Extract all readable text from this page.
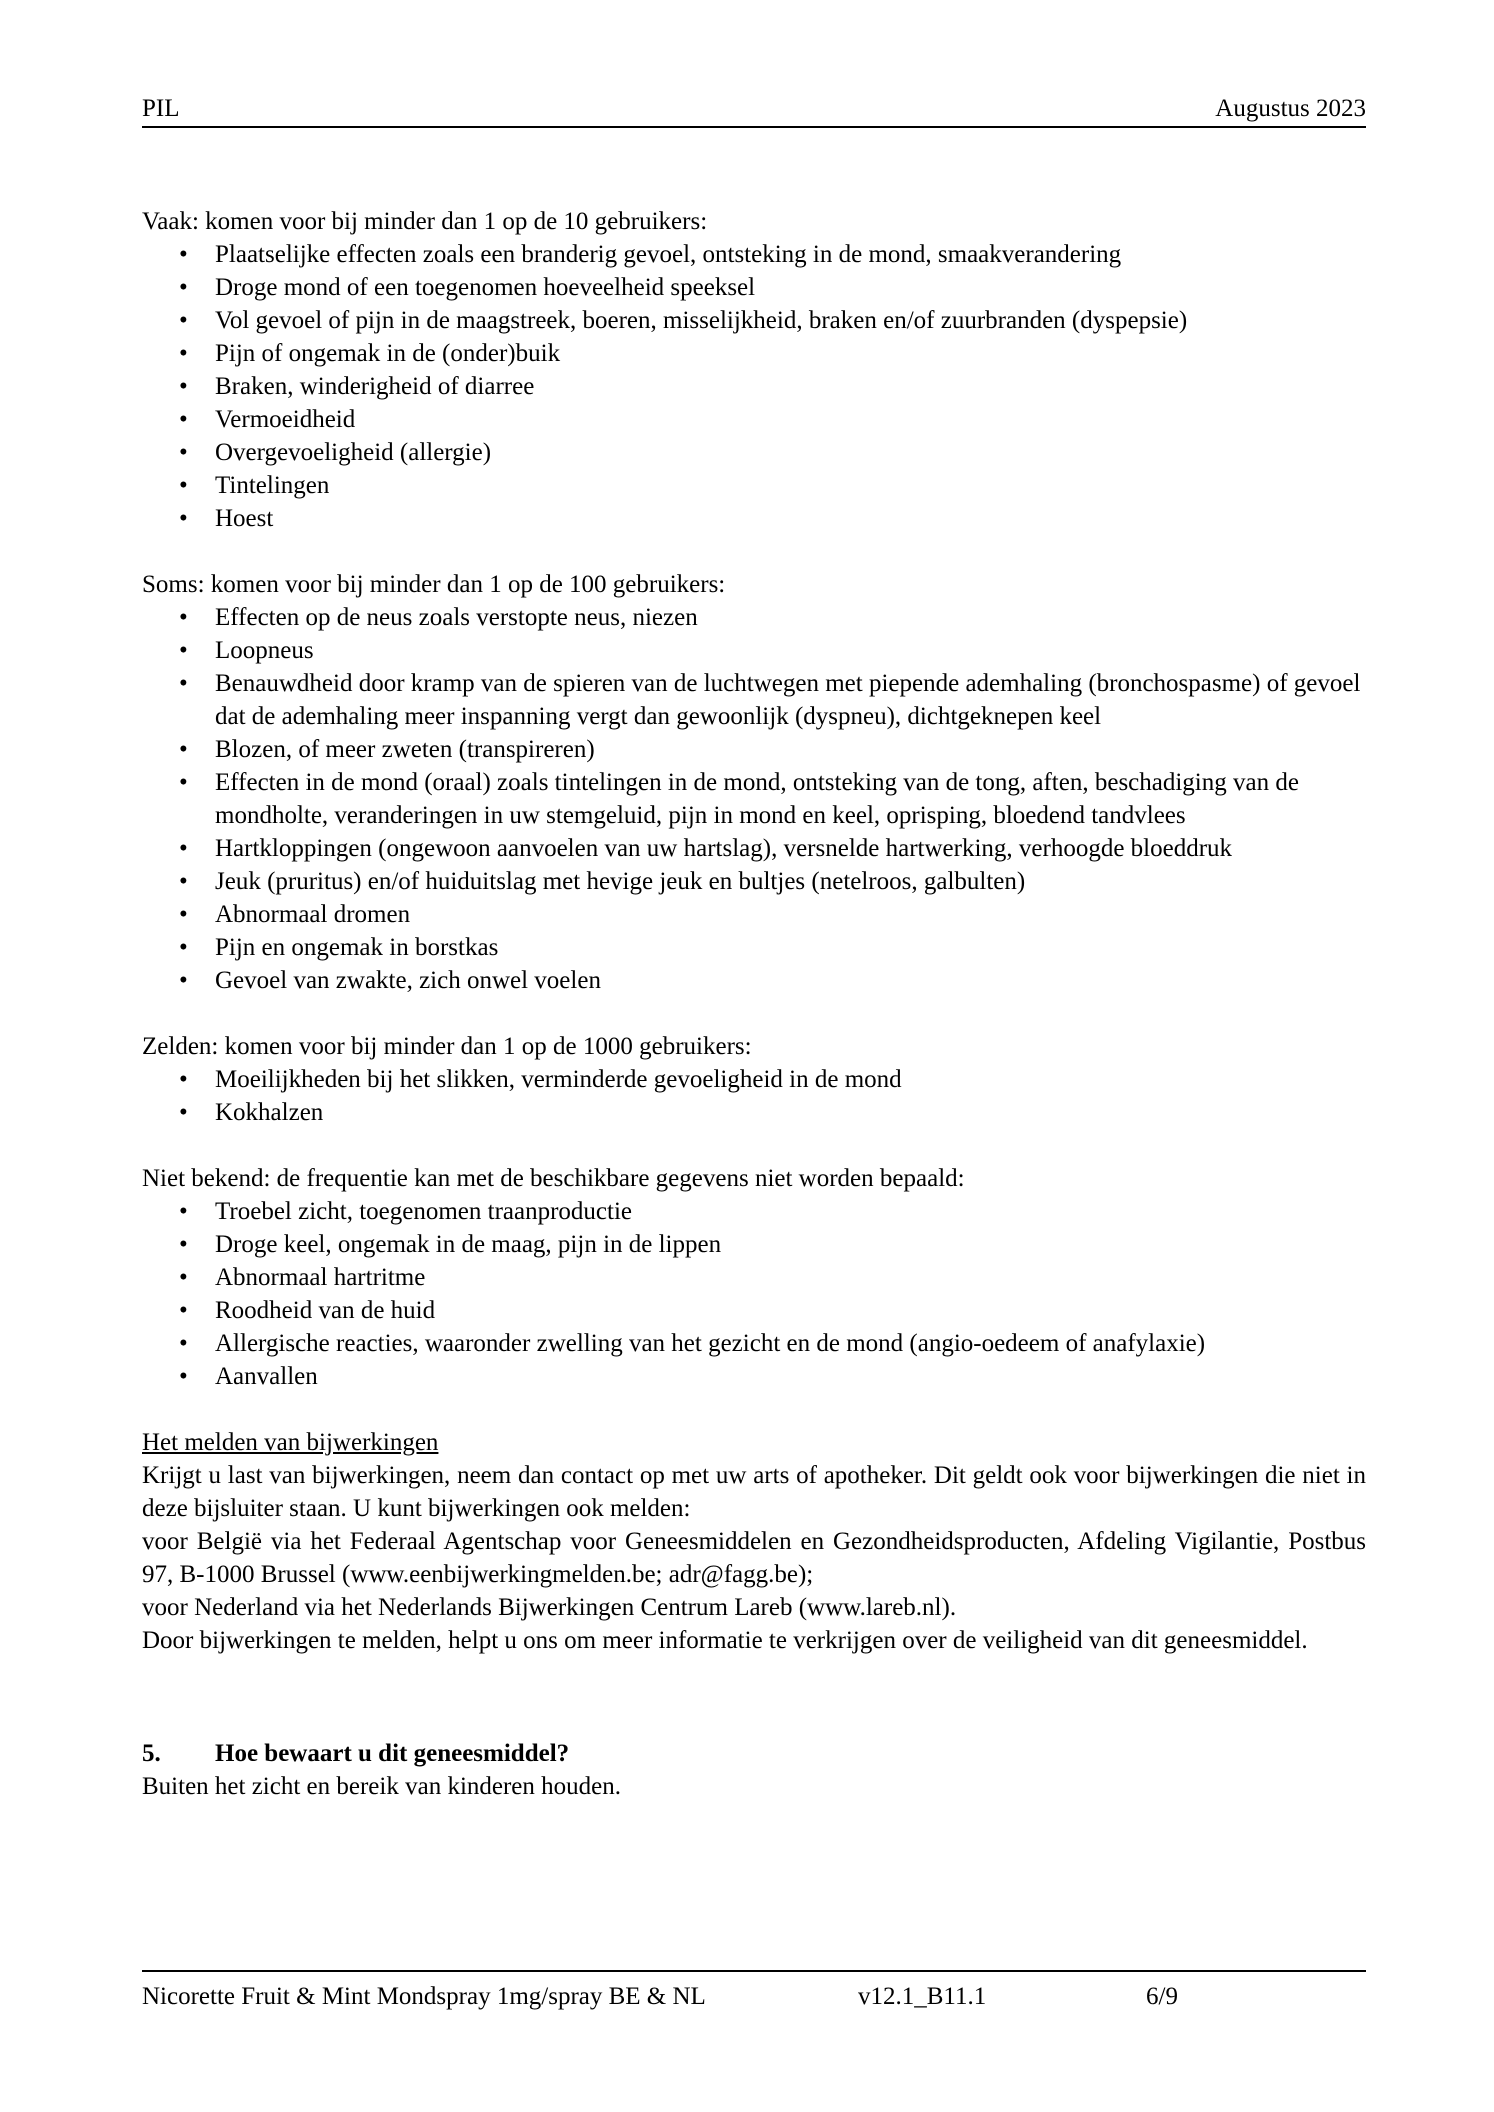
PIL	Augustus 2023

Vaak: komen voor bij minder dan 1 op de 10 gebruikers:

• Plaatselijke effecten zoals een branderig gevoel, ontsteking in de mond, smaakverandering
• Droge mond of een toegenomen hoeveelheid speeksel
• Vol gevoel of pijn in de maagstreek, boeren, misselijkheid, braken en/of zuurbranden (dyspepsie)
• Pijn of ongemak in de (onder)buik
• Braken, winderigheid of diarree
• Vermoeidheid
• Overgevoeligheid (allergie)
• Tintelingen
• Hoest

Soms: komen voor bij minder dan 1 op de 100 gebruikers:

• Effecten op de neus zoals verstopte neus, niezen
• Loopneus
• Benauwdheid door kramp van de spieren van de luchtwegen met piepende ademhaling (bronchospasme) of gevoel dat de ademhaling meer inspanning vergt dan gewoonlijk (dyspneu), dichtgeknepen keel
• Blozen, of meer zweten (transpireren)
• Effecten in de mond (oraal) zoals tintelingen in de mond, ontsteking van de tong, aften, beschadiging van de mondholte, veranderingen in uw stemgeluid, pijn in mond en keel, oprisping, bloedend tandvlees
• Hartkloppingen (ongewoon aanvoelen van uw hartslag), versnelde hartwerking, verhoogde bloeddruk
• Jeuk (pruritus) en/of huiduitslag met hevige jeuk en bultjes (netelroos, galbulten)
• Abnormaal dromen
• Pijn en ongemak in borstkas
• Gevoel van zwakte, zich onwel voelen

Zelden: komen voor bij minder dan 1 op de 1000 gebruikers:

• Moeilijkheden bij het slikken, verminderde gevoeligheid in de mond
• Kokhalzen

Niet bekend: de frequentie kan met de beschikbare gegevens niet worden bepaald:

• Troebel zicht, toegenomen traanproductie
• Droge keel, ongemak in de maag, pijn in de lippen
• Abnormaal hartritme
• Roodheid van de huid
• Allergische reacties, waaronder zwelling van het gezicht en de mond (angio-oedeem of anafylaxie)
• Aanvallen

Het melden van bijwerkingen

Krijgt u last van bijwerkingen, neem dan contact op met uw arts of apotheker. Dit geldt ook voor bijwerkingen die niet in deze bijsluiter staan. U kunt bijwerkingen ook melden:

voor België via het Federaal Agentschap voor Geneesmiddelen en Gezondheidsproducten, Afdeling Vigilantie, Postbus 97, B-1000 Brussel (www.eenbijwerkingmelden.be; adr@fagg.be);

voor Nederland via het Nederlands Bijwerkingen Centrum Lareb (www.lareb.nl).

Door bijwerkingen te melden, helpt u ons om meer informatie te verkrijgen over de veiligheid van dit geneesmiddel.

5. Hoe bewaart u dit geneesmiddel?

Buiten het zicht en bereik van kinderen houden.

Nicorette Fruit & Mint Mondspray 1mg/spray BE & NL	v12.1_B11.1	6/9
